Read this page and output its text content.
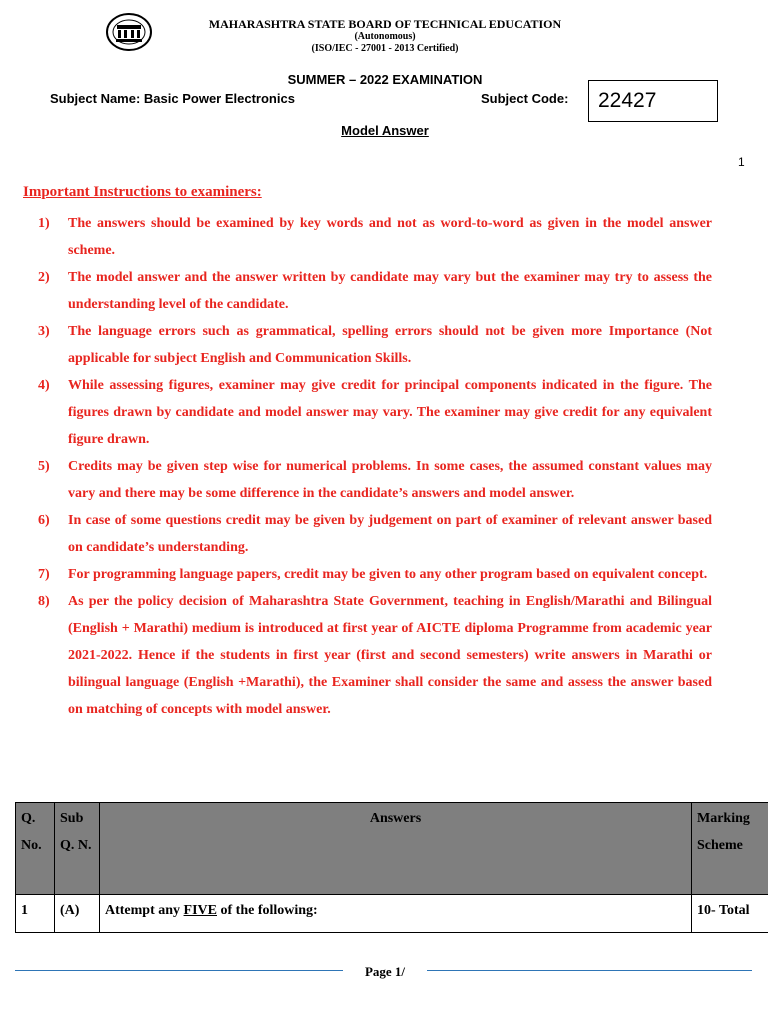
MAHARASHTRA STATE BOARD OF TECHNICAL EDUCATION
(Autonomous)
(ISO/IEC - 27001 - 2013 Certified)
SUMMER – 2022 EXAMINATION
Subject Name: Basic Power Electronics	Subject Code: 22427
Model Answer
1
Important Instructions to examiners:
1) The answers should be examined by key words and not as word-to-word as given in the model answer scheme.
2) The model answer and the answer written by candidate may vary but the examiner may try to assess the understanding level of the candidate.
3) The language errors such as grammatical, spelling errors should not be given more Importance (Not applicable for subject English and Communication Skills.
4) While assessing figures, examiner may give credit for principal components indicated in the figure. The figures drawn by candidate and model answer may vary. The examiner may give credit for any equivalent figure drawn.
5) Credits may be given step wise for numerical problems. In some cases, the assumed constant values may vary and there may be some difference in the candidate’s answers and model answer.
6) In case of some questions credit may be given by judgement on part of examiner of relevant answer based on candidate’s understanding.
7) For programming language papers, credit may be given to any other program based on equivalent concept.
8) As per the policy decision of Maharashtra State Government, teaching in English/Marathi and Bilingual (English + Marathi) medium is introduced at first year of AICTE diploma Programme from academic year 2021-2022. Hence if the students in first year (first and second semesters) write answers in Marathi or bilingual language (English +Marathi), the Examiner shall consider the same and assess the answer based on matching of concepts with model answer.
Q. No.	Sub Q. N.	Answers	Marking Scheme
1	(A)	Attempt any FIVE of the following:	10- Total
Page 1/
